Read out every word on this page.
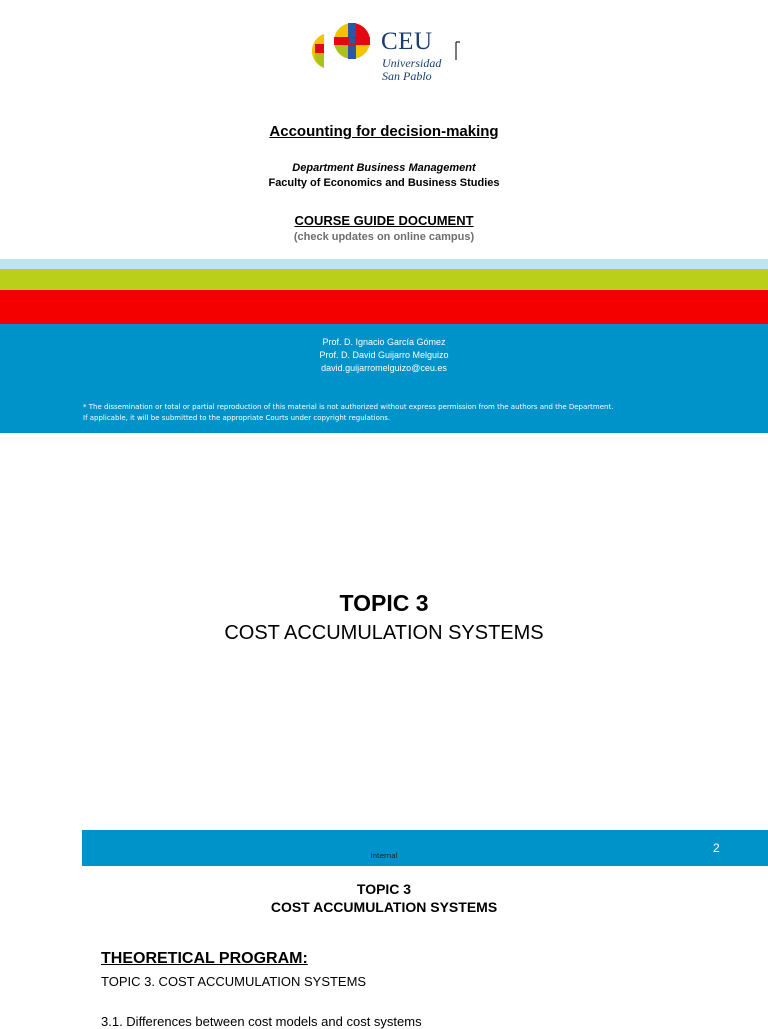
CEU
Universidad
San Pablo
Accounting for decision-making
Department Business Management
Faculty of Economics and Business Studies
COURSE GUIDE DOCUMENT
(check updates on online campus)
Prof. D. Ignacio García Gómez
Prof. D. David Guijarro Melguizo
david.guijarromelguizo@ceu.es
* The dissemination or total or partial reproduction of this material is not authorized without express permission from the authors and the Department.
If applicable, it will be submitted to the appropriate Courts under copyright regulations.
TOPIC 3
COST ACCUMULATION SYSTEMS
Internal
2
TOPIC 3
COST ACCUMULATION SYSTEMS
THEORETICAL PROGRAM:
TOPIC 3. COST ACCUMULATION SYSTEMS
3.1. Differences between cost models and cost systems
